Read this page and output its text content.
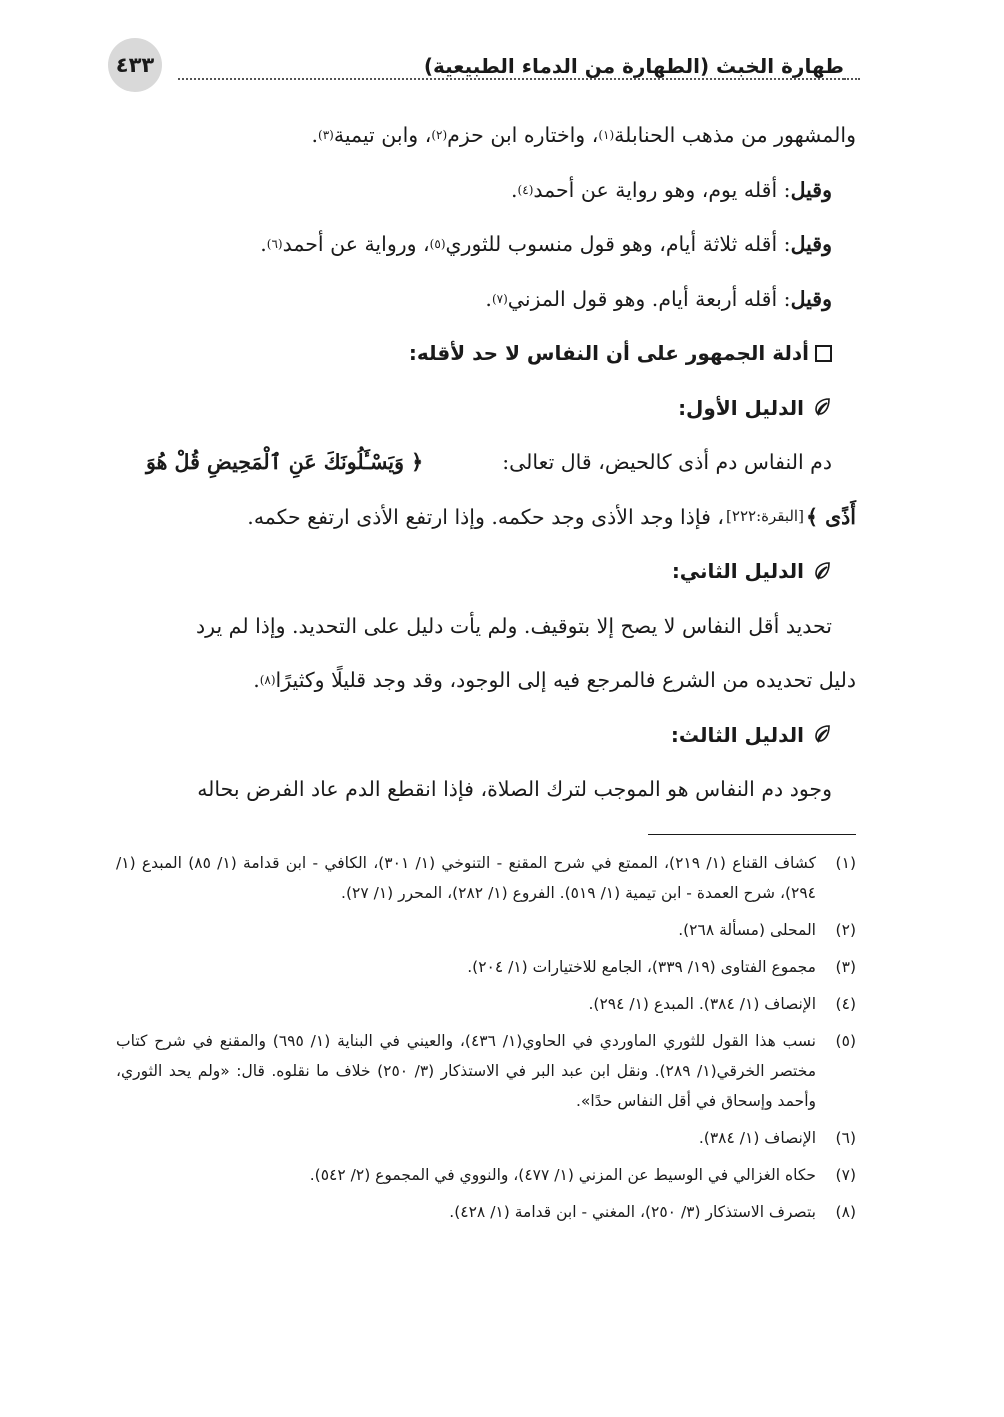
طهارة الخبث (الطهارة من الدماء الطبيعية)
٤٣٣
والمشهور من مذهب الحنابلة
(١)
، واختاره ابن حزم
(٢)
، وابن تيمية
(٣)
.
وقيل
: أقله يوم، وهو رواية عن أحمد
(٤)
.
وقيل
: أقله ثلاثة أيام، وهو قول منسوب للثوري
(٥)
، ورواية عن أحمد
(٦)
.
وقيل
: أقله أربعة أيام. وهو قول المزني
(٧)
.
أدلة الجمهور على أن النفاس لا حد لأقله:
الدليل الأول:
دم النفاس دم أذى كالحيض، قال تعالى:
﴿ وَيَسْـَٔلُونَكَ عَنِ ٱلْمَحِيضِ قُلْ هُوَ
أَذًى ﴾
[البقرة:٢٢٢]
، فإذا وجد الأذى وجد حكمه. وإذا ارتفع الأذى ارتفع حكمه.
الدليل الثاني:
تحديد أقل النفاس لا يصح إلا بتوقيف. ولم يأت دليل على التحديد. وإذا لم يرد
دليل تحديده من الشرع فالمرجع فيه إلى الوجود، وقد وجد قليلًا وكثيرًا
(٨)
.
الدليل الثالث:
وجود دم النفاس هو الموجب لترك الصلاة، فإذا انقطع الدم عاد الفرض بحاله
(١)
كشاف القناع (١/ ٢١٩)، الممتع في شرح المقنع - التنوخي (١/ ٣٠١)، الكافي - ابن قدامة (١/ ٨٥) المبدع (١/ ٢٩٤)، شرح العمدة - ابن تيمية (١/ ٥١٩). الفروع (١/ ٢٨٢)، المحرر (١/ ٢٧).
(٢)
المحلى (مسألة ٢٦٨).
(٣)
مجموع الفتاوى (١٩/ ٣٣٩)، الجامع للاختيارات (١/ ٢٠٤).
(٤)
الإنصاف (١/ ٣٨٤). المبدع (١/ ٢٩٤).
(٥)
نسب هذا القول للثوري الماوردي في الحاوي(١/ ٤٣٦)، والعيني في البناية (١/ ٦٩٥) والمقنع في شرح كتاب مختصر الخرقي(١/ ٢٨٩). ونقل ابن عبد البر في الاستذكار (٣/ ٢٥٠) خلاف ما نقلوه. قال: «ولم يحد الثوري، وأحمد وإسحاق في أقل النفاس حدًا».
(٦)
الإنصاف (١/ ٣٨٤).
(٧)
حكاه الغزالي في الوسيط عن المزني (١/ ٤٧٧)، والنووي في المجموع (٢/ ٥٤٢).
(٨)
بتصرف الاستذكار (٣/ ٢٥٠)، المغني - ابن قدامة (١/ ٤٢٨).
